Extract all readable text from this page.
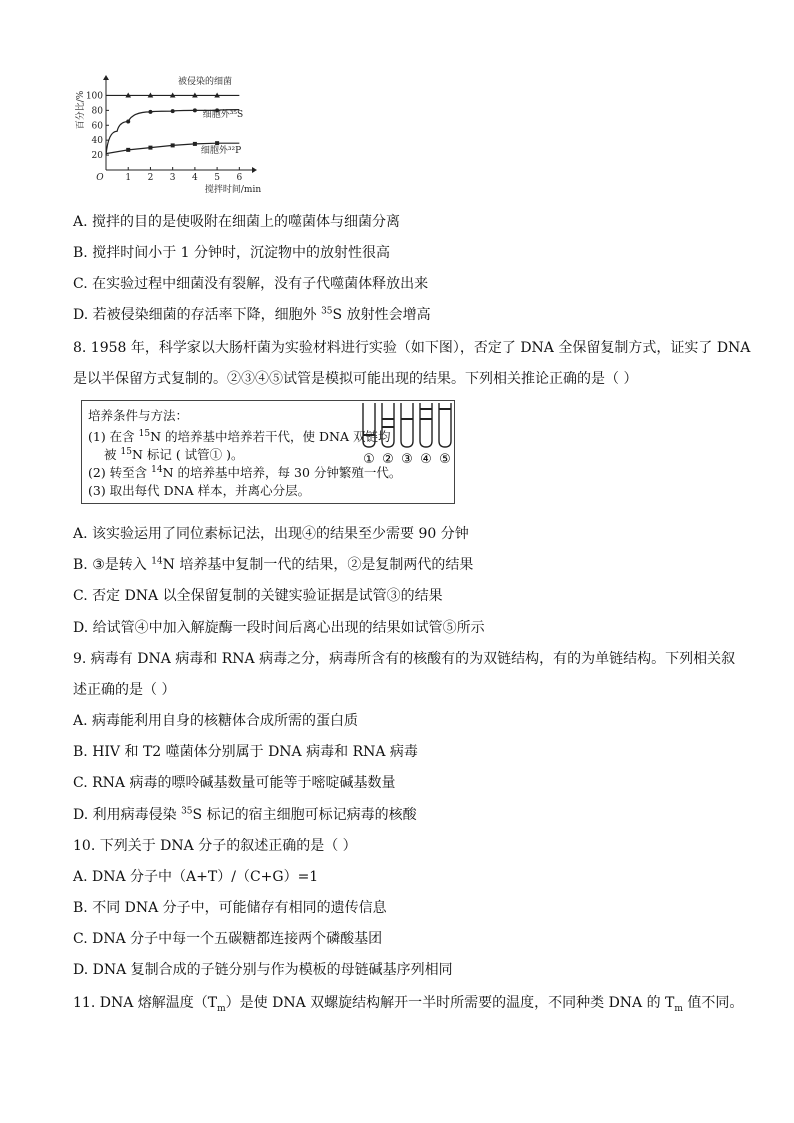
20
40
60
80
100
1 2 3 4 5 6
O
百分比/%
搅拌时间/min
被侵染的细菌
细胞外³⁵S
细胞外³²P
A. 搅拌的目的是使吸附在细菌上的噬菌体与细菌分离
B. 搅拌时间小于 1 分钟时，沉淀物中的放射性很高
C. 在实验过程中细菌没有裂解，没有子代噬菌体释放出来
D. 若被侵染细菌的存活率下降，细胞外 $^{35}$S 放射性会增高
8. 1958 年，科学家以大肠杆菌为实验材料进行实验（如下图），否定了 DNA 全保留复制方式，证实了 DNA
是以半保留方式复制的。②③④⑤试管是模拟可能出现的结果。下列相关推论正确的是（ ）
培养条件与方法：
(1) 在含 $^{15}$N 的培养基中培养若干代，使 DNA 双链均
被 $^{15}$N 标记 ( 试管① )。
(2) 转至含 $^{14}$N 的培养基中培养，每 30 分钟繁殖一代。
(3) 取出每代 DNA 样本，并离心分层。
① ② ③ ④ ⑤
A. 该实验运用了同位素标记法，出现④的结果至少需要 90 分钟
B. ③是转入 $^{14}$N 培养基中复制一代的结果，②是复制两代的结果
C. 否定 DNA 以全保留复制的关键实验证据是试管③的结果
D. 给试管④中加入解旋酶一段时间后离心出现的结果如试管⑤所示
9. 病毒有 DNA 病毒和 RNA 病毒之分，病毒所含有的核酸有的为双链结构，有的为单链结构。下列相关叙
述正确的是（ ）
A. 病毒能利用自身的核糖体合成所需的蛋白质
B. HIV 和 T2 噬菌体分别属于 DNA 病毒和 RNA 病毒
C. RNA 病毒的嘌呤碱基数量可能等于嘧啶碱基数量
D. 利用病毒侵染 $^{35}$S 标记的宿主细胞可标记病毒的核酸
10. 下列关于 DNA 分子的叙述正确的是（ ）
A. DNA 分子中（A+T）/（C+G）=1
B. 不同 DNA 分子中，可能储存有相同的遗传信息
C. DNA 分子中每一个五碳糖都连接两个磷酸基团
D. DNA 复制合成的子链分别与作为模板的母链碱基序列相同
11. DNA 熔解温度$(T_m)$是使 DNA 双螺旋结构解开一半时所需要的温度，不同种类 DNA 的 $T_m$ 值不同。
